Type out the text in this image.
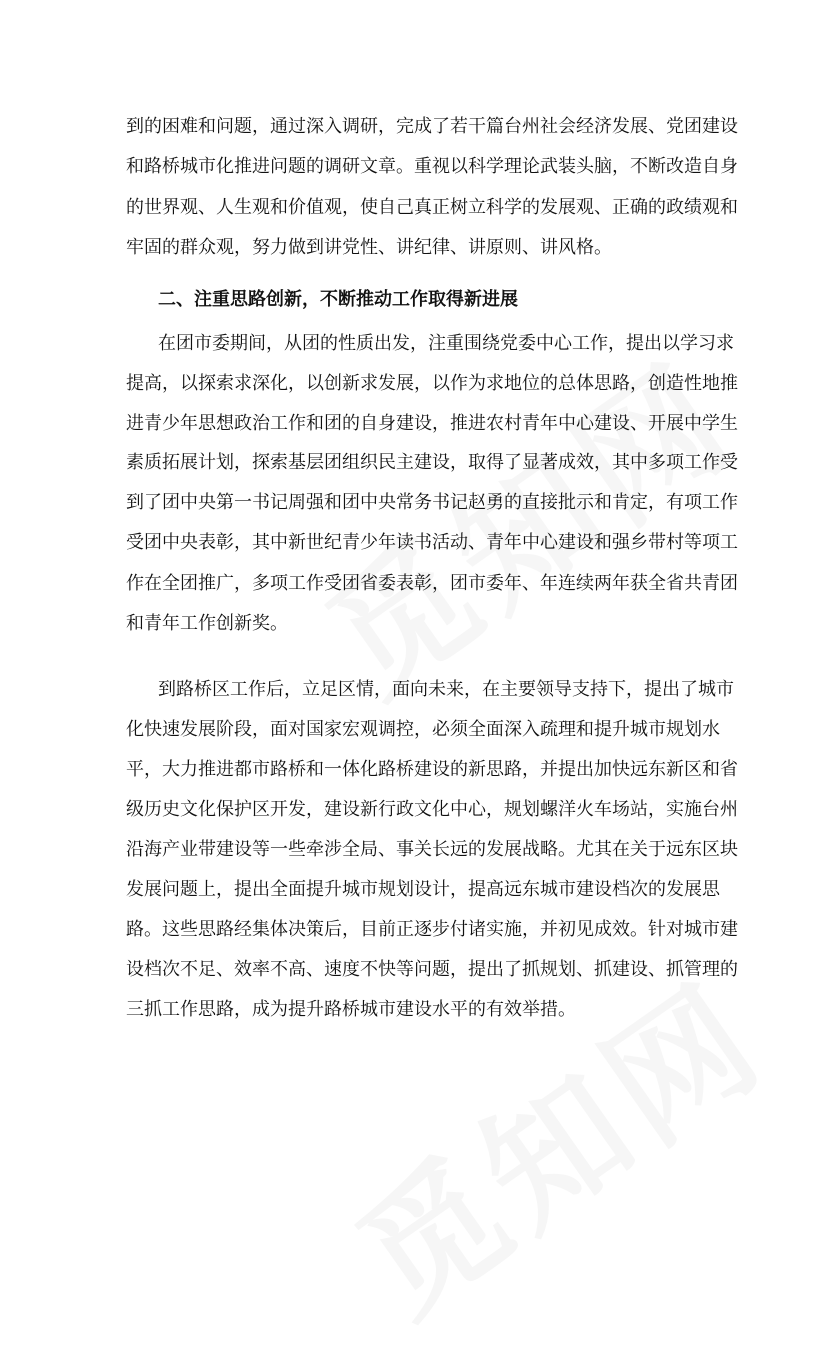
到的困难和问题，通过深入调研，完成了若干篇台州社会经济发展、党团建设
和路桥城市化推进问题的调研文章。重视以科学理论武装头脑，不断改造自身
的世界观、人生观和价值观，使自己真正树立科学的发展观、正确的政绩观和
牢固的群众观，努力做到讲党性、讲纪律、讲原则、讲风格。
二、注重思路创新，不断推动工作取得新进展
在团市委期间，从团的性质出发，注重围绕党委中心工作，提出以学习求
提高，以探索求深化，以创新求发展，以作为求地位的总体思路，创造性地推
进青少年思想政治工作和团的自身建设，推进农村青年中心建设、开展中学生
素质拓展计划，探索基层团组织民主建设，取得了显著成效，其中多项工作受
到了团中央第一书记周强和团中央常务书记赵勇的直接批示和肯定，有项工作
受团中央表彰，其中新世纪青少年读书活动、青年中心建设和强乡带村等项工
作在全团推广，多项工作受团省委表彰，团市委年、年连续两年获全省共青团
和青年工作创新奖。
到路桥区工作后，立足区情，面向未来，在主要领导支持下，提出了城市
化快速发展阶段，面对国家宏观调控，必须全面深入疏理和提升城市规划水
平，大力推进都市路桥和一体化路桥建设的新思路，并提出加快远东新区和省
级历史文化保护区开发，建设新行政文化中心，规划螺洋火车场站，实施台州
沿海产业带建设等一些牵涉全局、事关长远的发展战略。尤其在关于远东区块
发展问题上，提出全面提升城市规划设计，提高远东城市建设档次的发展思
路。这些思路经集体决策后，目前正逐步付诸实施，并初见成效。针对城市建
设档次不足、效率不高、速度不快等问题，提出了抓规划、抓建设、抓管理的
三抓工作思路，成为提升路桥城市建设水平的有效举措。
